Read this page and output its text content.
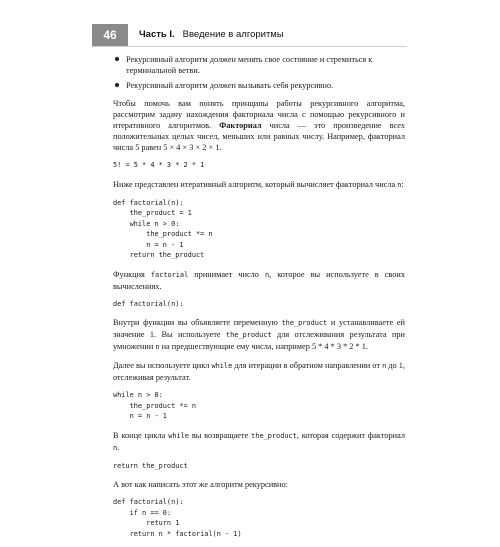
46	Часть I. Введение в алгоритмы
Рекурсивный алгоритм должен менять свое состояние и стремиться к терминальной ветви.
Рекурсивный алгоритм должен вызывать себя рекурсивно.

Чтобы помочь вам понять принципы работы рекурсивного алгоритма, рассмотрим задачу нахождения факториала числа с помощью рекурсивного и итеративного алгоритмов. Факториал числа — это произведение всех положительных целых чисел, меньших или равных числу. Например, факториал числа 5 равен 5 × 4 × 3 × 2 × 1.

5! = 5 * 4 * 3 * 2 * 1

Ниже представлен итеративный алгоритм, который вычисляет факториал числа n:

def factorial(n):
the_product = 1
while n > 0:
the_product *= n
n = n - 1
return the_product

Функция factorial принимает число n, которое вы используете в своих вычислениях.

def factorial(n):

Внутри функции вы объявляете переменную the_product и устанавливаете ей значение 1. Вы используете the_product для отслеживания результата при умножении n на предшествующие ему числа, например 5 * 4 * 3 * 2 * 1.

Далее вы используете цикл while для итерации в обратном направлении от n до 1, отслеживая результат.

while n > 0:
the_product *= n
n = n - 1

В конце цикла while вы возвращаете the_product, которая содержит факториал n.

return the_product

А вот как написать этот же алгоритм рекурсивно:

def factorial(n):
if n == 0:
return 1
return n * factorial(n - 1)
